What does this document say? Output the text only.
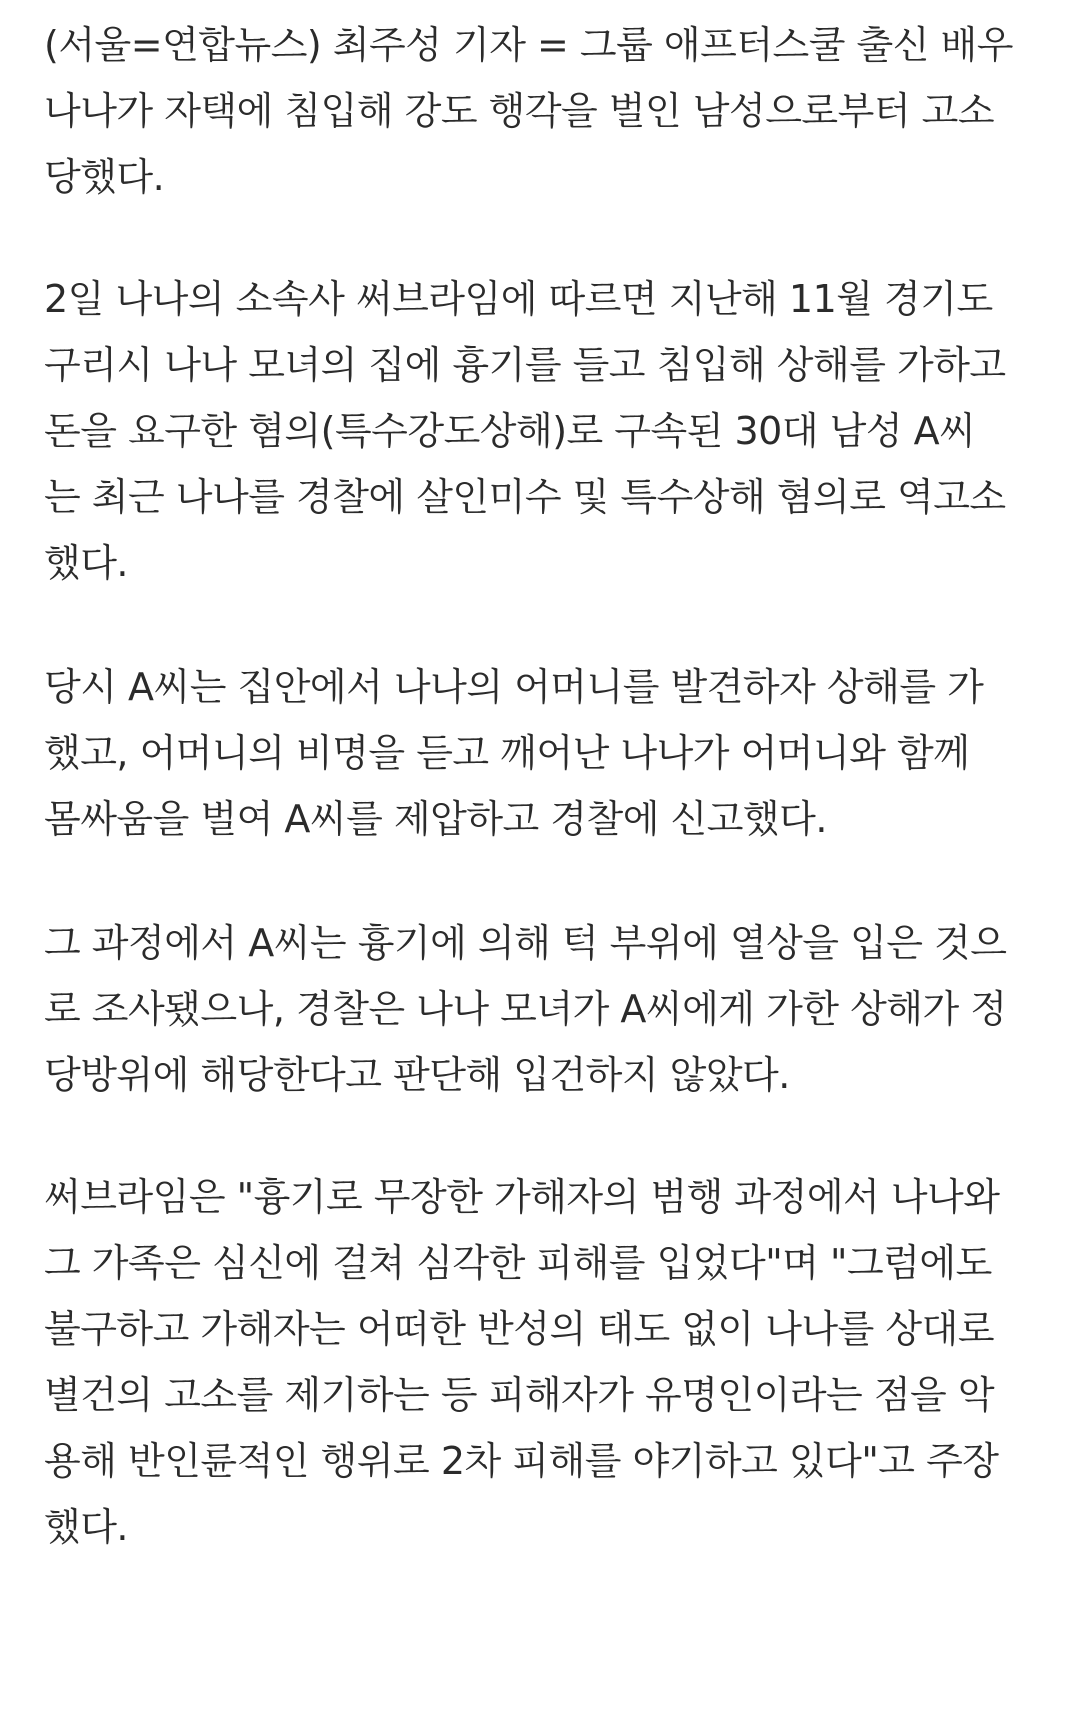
(서울=연합뉴스) 최주성 기자 = 그룹 애프터스쿨 출신 배우
나나가 자택에 침입해 강도 행각을 벌인 남성으로부터 고소
당했다.
2일 나나의 소속사 써브라임에 따르면 지난해 11월 경기도
구리시 나나 모녀의 집에 흉기를 들고 침입해 상해를 가하고
돈을 요구한 혐의(특수강도상해)로 구속된 30대 남성 A씨
는 최근 나나를 경찰에 살인미수 및 특수상해 혐의로 역고소
했다.
당시 A씨는 집안에서 나나의 어머니를 발견하자 상해를 가
했고, 어머니의 비명을 듣고 깨어난 나나가 어머니와 함께
몸싸움을 벌여 A씨를 제압하고 경찰에 신고했다.
그 과정에서 A씨는 흉기에 의해 턱 부위에 열상을 입은 것으
로 조사됐으나, 경찰은 나나 모녀가 A씨에게 가한 상해가 정
당방위에 해당한다고 판단해 입건하지 않았다.
써브라임은 "흉기로 무장한 가해자의 범행 과정에서 나나와
그 가족은 심신에 걸쳐 심각한 피해를 입었다"며 "그럼에도
불구하고 가해자는 어떠한 반성의 태도 없이 나나를 상대로
별건의 고소를 제기하는 등 피해자가 유명인이라는 점을 악
용해 반인륜적인 행위로 2차 피해를 야기하고 있다"고 주장
했다.
